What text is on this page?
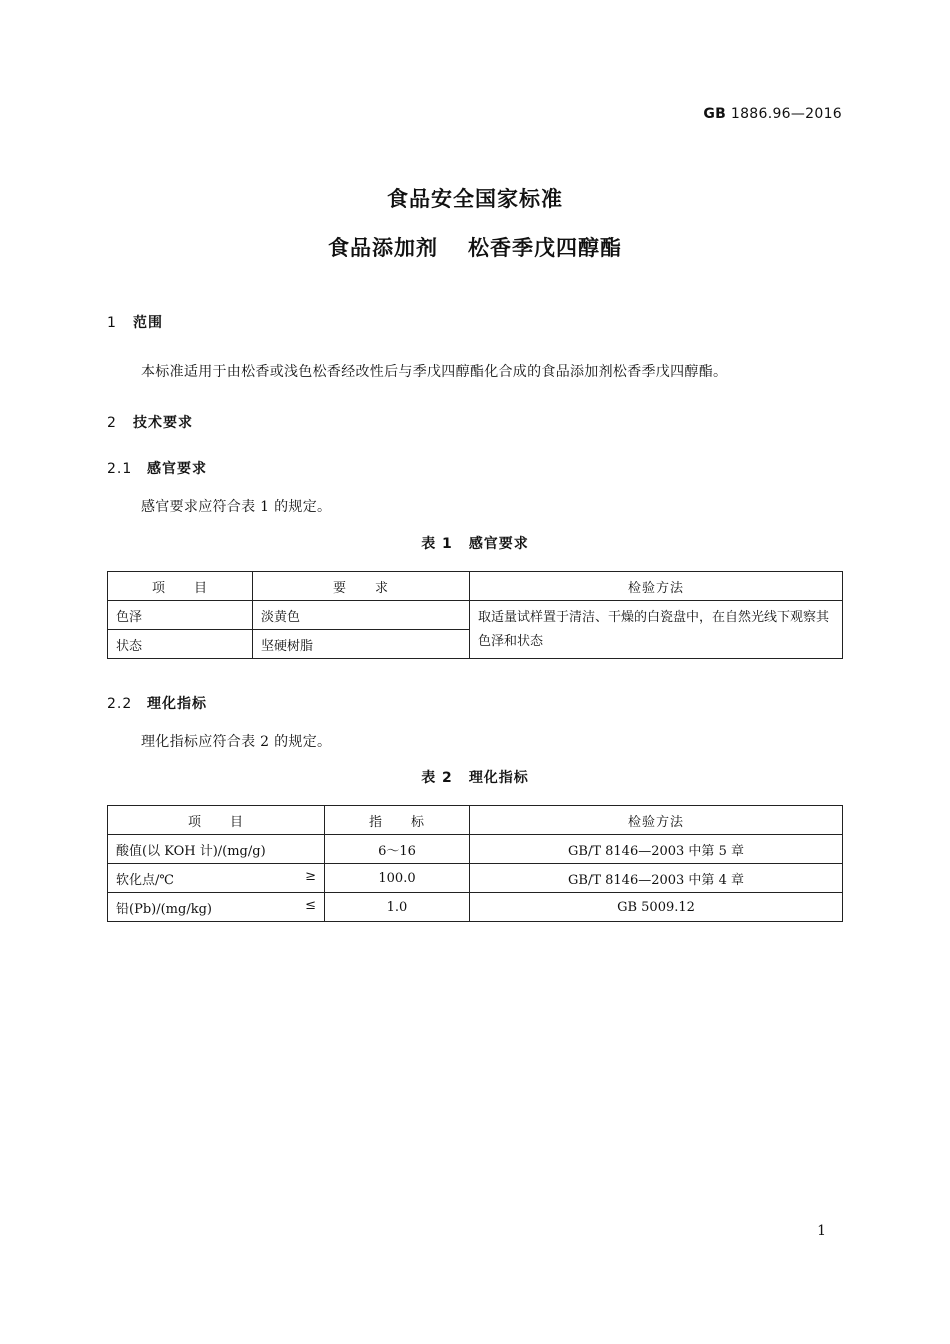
GB 1886.96—2016
食品安全国家标准
食品添加剂 松香季戊四醇酯
1 范围
本标准适用于由松香或浅色松香经改性后与季戊四醇酯化合成的食品添加剂松香季戊四醇酯。
2 技术要求
2.1 感官要求
感官要求应符合表 1 的规定。
表 1 感官要求
项　　目	要　　求	检验方法
色泽	淡黄色	取适量试样置于清洁、干燥的白瓷盘中，在自然光线下观察其色泽和状态
状态	坚硬树脂	
2.2 理化指标
理化指标应符合表 2 的规定。
表 2 理化指标
项　　目	指　　标	检验方法
酸值(以 KOH 计)/(mg/g)	6～16	GB/T 8146—2003 中第 5 章
软化点/℃ ≥	100.0	GB/T 8146—2003 中第 4 章
铅(Pb)/(mg/kg) ≤	1.0	GB 5009.12
1
